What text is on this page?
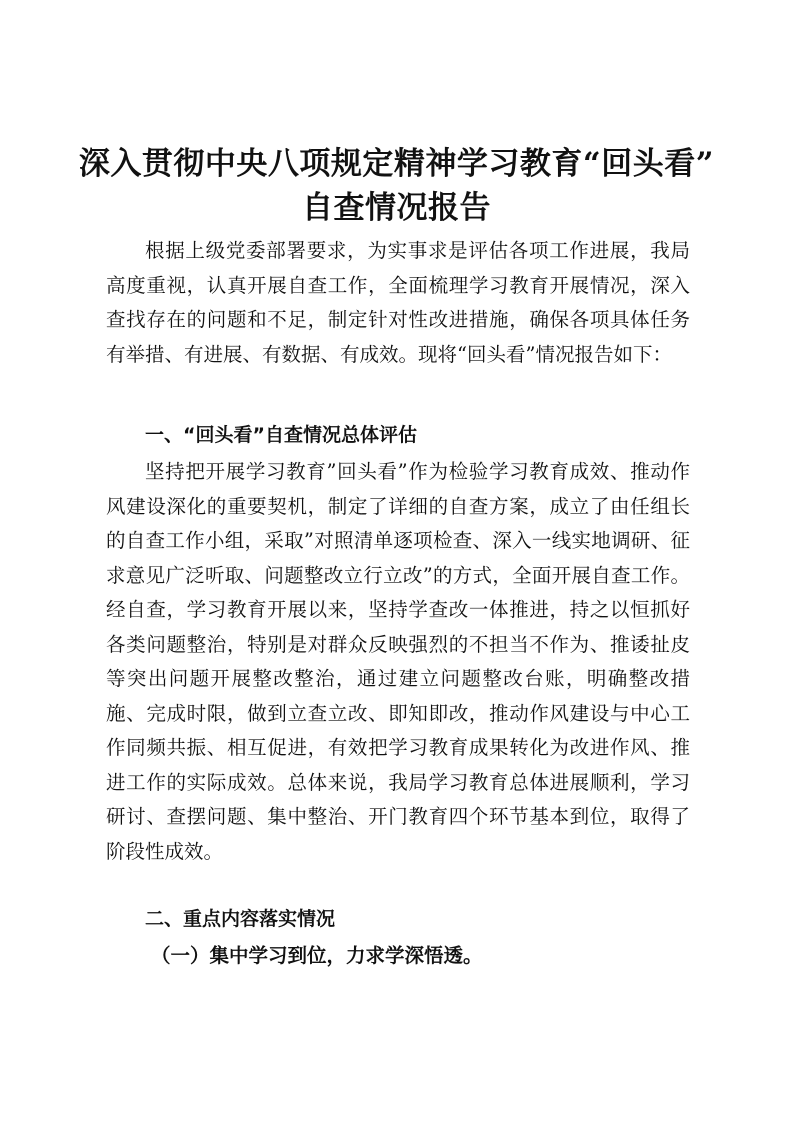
深入贯彻中央八项规定精神学习教育“回头看”
自查情况报告

根据上级党委部署要求，为实事求是评估各项工作进展，我局高度重视，认真开展自查工作，全面梳理学习教育开展情况，深入查找存在的问题和不足，制定针对性改进措施，确保各项具体任务有举措、有进展、有数据、有成效。现将“回头看”情况报告如下：

一、“回头看”自查情况总体评估

坚持把开展学习教育”回头看”作为检验学习教育成效、推动作风建设深化的重要契机，制定了详细的自查方案，成立了由任组长的自查工作小组，采取”对照清单逐项检查、深入一线实地调研、征求意见广泛听取、问题整改立行立改”的方式，全面开展自查工作。经自查，学习教育开展以来，坚持学查改一体推进，持之以恒抓好各类问题整治，特别是对群众反映强烈的不担当不作为、推诿扯皮等突出问题开展整改整治，通过建立问题整改台账，明确整改措施、完成时限，做到立查立改、即知即改，推动作风建设与中心工作同频共振、相互促进，有效把学习教育成果转化为改进作风、推进工作的实际成效。总体来说，我局学习教育总体进展顺利，学习研讨、查摆问题、集中整治、开门教育四个环节基本到位，取得了阶段性成效。

二、重点内容落实情况
（一）集中学习到位，力求学深悟透。
